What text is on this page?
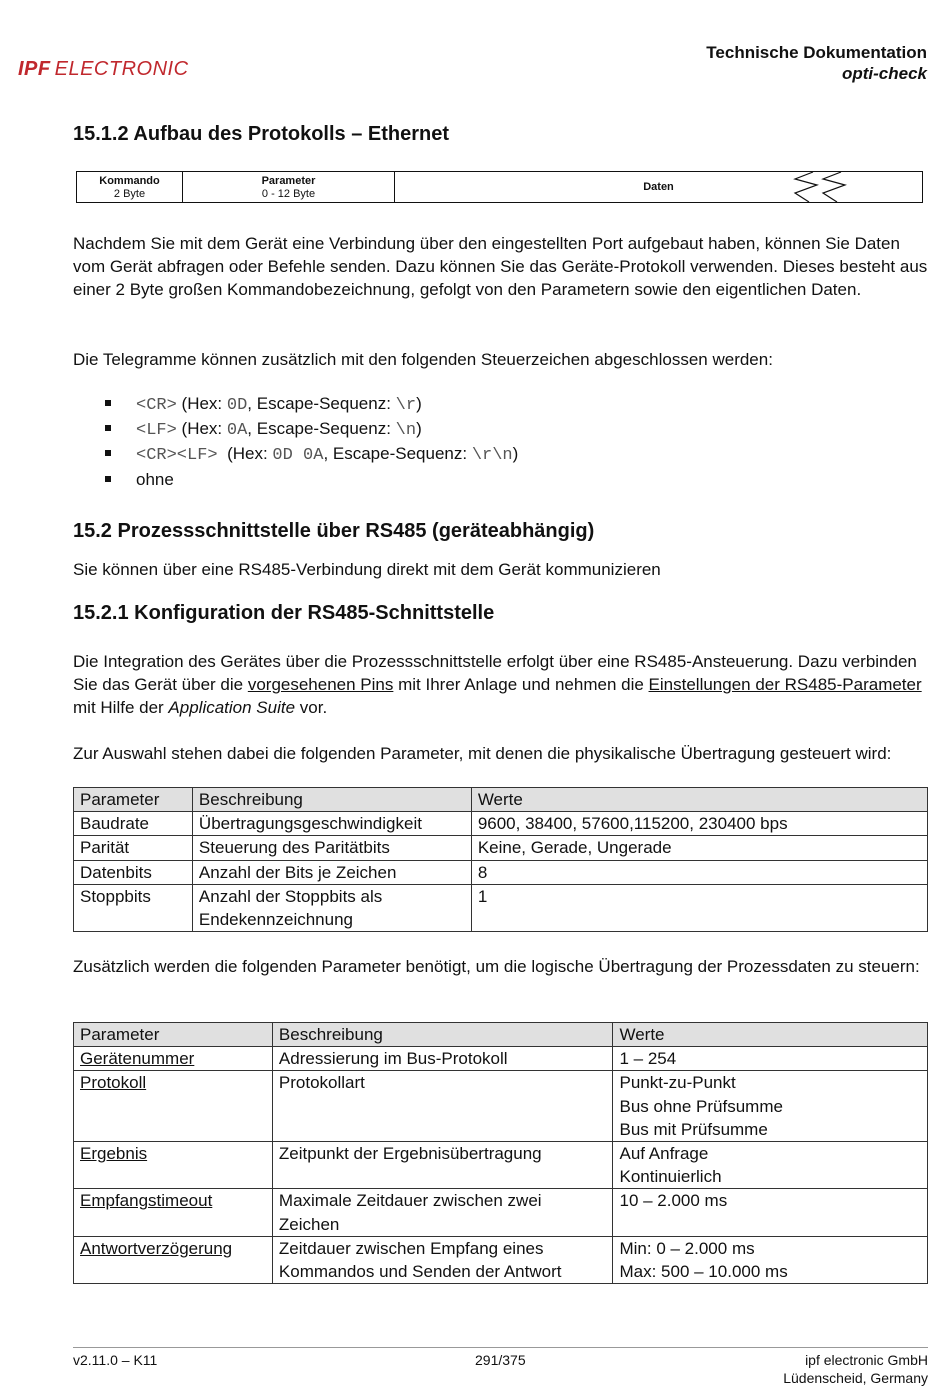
IPF ELECTRONIC
Technische Dokumentation
opti-check
15.1.2 Aufbau des Protokolls – Ethernet
Kommando
2 Byte
Parameter
0 - 12 Byte
Daten

Nachdem Sie mit dem Gerät eine Verbindung über den eingestellten Port aufgebaut haben, können Sie Daten vom Gerät abfragen oder Befehle senden. Dazu können Sie das Geräte-Protokoll verwenden. Dieses besteht aus einer 2 Byte großen Kommandobezeichnung, gefolgt von den Parametern sowie den eigentlichen Daten.

Die Telegramme können zusätzlich mit den folgenden Steuerzeichen abgeschlossen werden:

<CR> (Hex: 0D, Escape-Sequenz: \r)
<LF> (Hex: 0A, Escape-Sequenz: \n)
<CR><LF>  (Hex: 0D 0A, Escape-Sequenz: \r\n)
ohne
15.2 Prozessschnittstelle über RS485 (geräteabhängig)

Sie können über eine RS485-Verbindung direkt mit dem Gerät kommunizieren

15.2.1 Konfiguration der RS485-Schnittstelle

Die Integration des Gerätes über die Prozessschnittstelle erfolgt über eine RS485-Ansteuerung. Dazu verbinden Sie das Gerät über die vorgesehenen Pins mit Ihrer Anlage und nehmen die Einstellungen der RS485-Parameter mit Hilfe der Application Suite vor.

Zur Auswahl stehen dabei die folgenden Parameter, mit denen die physikalische Übertragung gesteuert wird:

Parameter	Beschreibung	Werte
Baudrate	Übertragungsgeschwindigkeit	9600, 38400, 57600,115200, 230400 bps
Parität	Steuerung des Paritätbits	Keine, Gerade, Ungerade
Datenbits	Anzahl der Bits je Zeichen	8
Stoppbits	Anzahl der Stoppbits als Endekennzeichnung	1

Zusätzlich werden die folgenden Parameter benötigt, um die logische Übertragung der Prozessdaten zu steuern:

Parameter	Beschreibung	Werte
Gerätenummer	Adressierung im Bus-Protokoll	1 – 254

Protokoll	Protokollart	Punkt-zu-Punkt
Bus ohne Prüfsumme
Bus mit Prüfsumme

Ergebnis	Zeitpunkt der Ergebnisübertragung	Auf Anfrage
Kontinuierlich

Empfangstimeout	Maximale Zeitdauer zwischen zwei Zeichen	10 – 2.000 ms

Antwortverzögerung	Zeitdauer zwischen Empfang eines Kommandos und Senden der Antwort	Min: 0 – 2.000 ms
Max: 500 – 10.000 ms
v2.11.0 – K11	291/375	ipf electronic GmbH
Lüdenscheid, Germany
